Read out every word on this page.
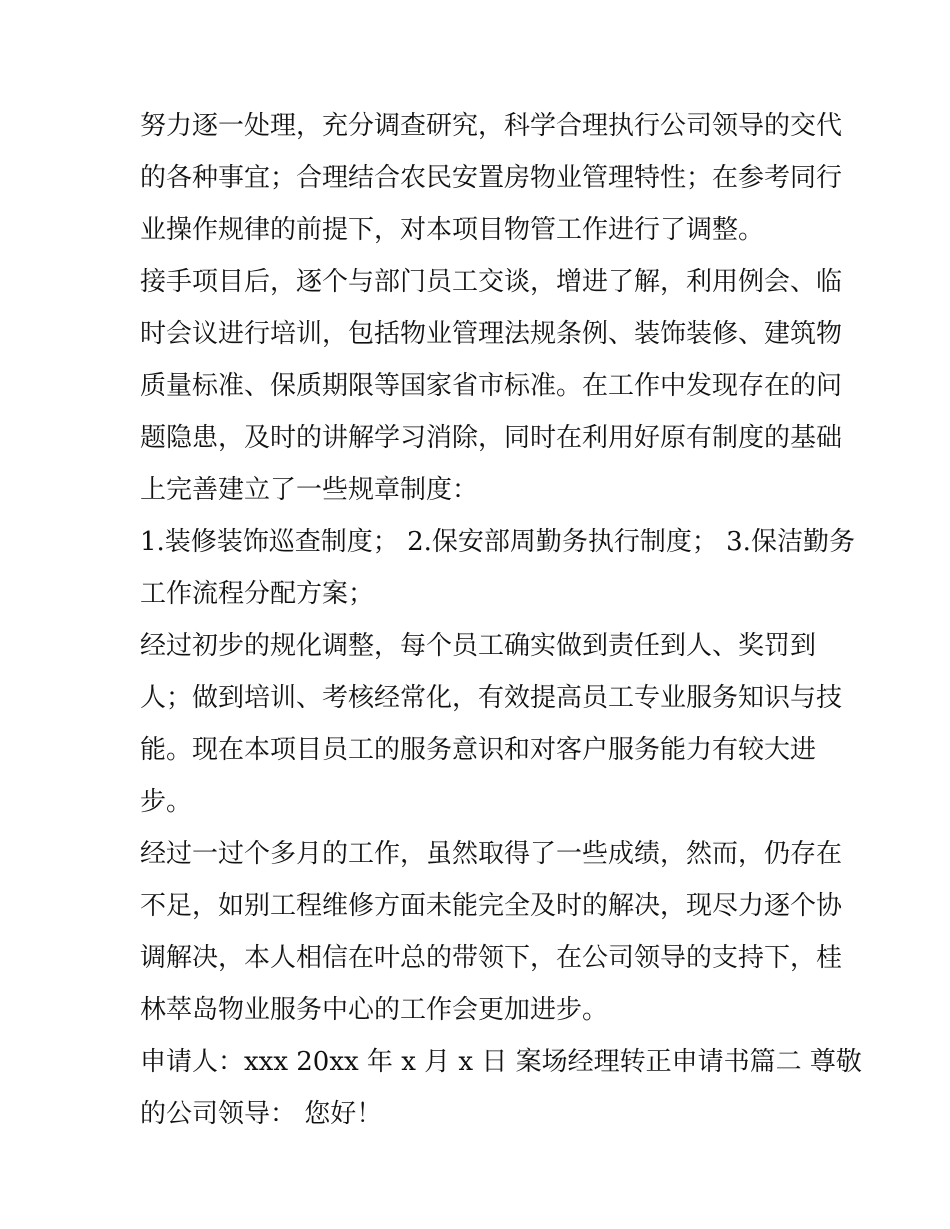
努力逐一处理，充分调查研究，科学合理执行公司领导的交代
的各种事宜；合理结合农民安置房物业管理特性；在参考同行
业操作规律的前提下，对本项目物管工作进行了调整。
接手项目后，逐个与部门员工交谈，增进了解，利用例会、临
时会议进行培训，包括物业管理法规条例、装饰装修、建筑物
质量标准、保质期限等国家省市标准。在工作中发现存在的问
题隐患，及时的讲解学习消除，同时在利用好原有制度的基础
上完善建立了一些规章制度：
1.装修装饰巡查制度； 2.保安部周勤务执行制度； 3.保洁勤务
工作流程分配方案；
经过初步的规化调整，每个员工确实做到责任到人、奖罚到
人；做到培训、考核经常化，有效提高员工专业服务知识与技
能。现在本项目员工的服务意识和对客户服务能力有较大进
步。
经过一过个多月的工作，虽然取得了一些成绩，然而，仍存在
不足，如别工程维修方面未能完全及时的解决，现尽力逐个协
调解决，本人相信在叶总的带领下，在公司领导的支持下，桂
林萃岛物业服务中心的工作会更加进步。
申请人：xxx 20xx 年 x 月 x 日 案场经理转正申请书篇二 尊敬
的公司领导： 您好！
